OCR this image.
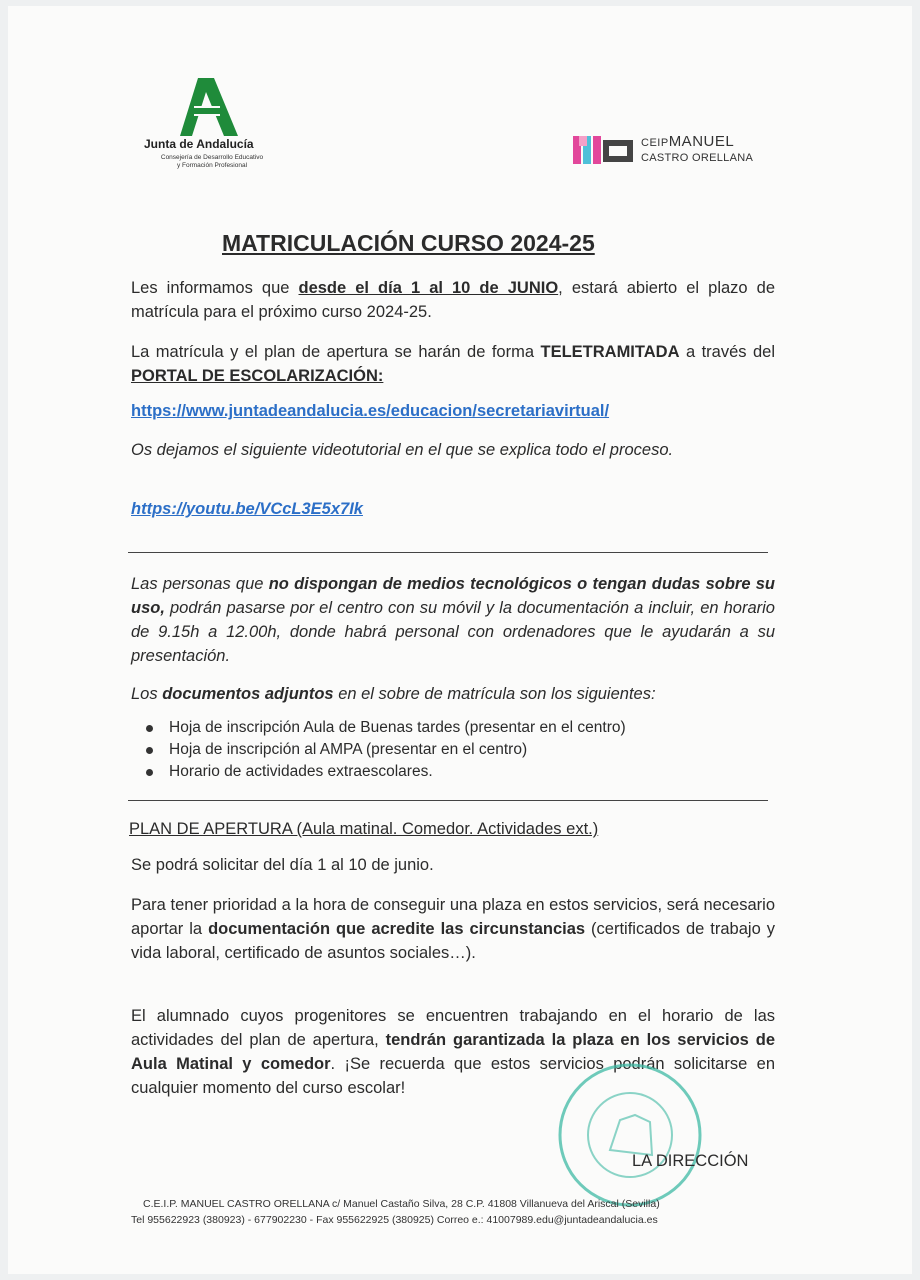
Junta de Andalucía
Consejería de Desarrollo Educativo
y Formación Profesional
CEIPMANUEL
CASTRO ORELLANA
MATRICULACIÓN CURSO 2024-25
Les informamos que desde el día 1 al 10 de JUNIO, estará abierto el plazo de matrícula para el próximo curso 2024-25.
La matrícula y el plan de apertura se harán de forma TELETRAMITADA a través del PORTAL DE ESCOLARIZACIÓN:
https://www.juntadeandalucia.es/educacion/secretariavirtual/
Os dejamos el siguiente videotutorial en el que se explica todo el proceso.
https://youtu.be/VCcL3E5x7Ik
Las personas que no dispongan de medios tecnológicos o tengan dudas sobre su uso, podrán pasarse por el centro con su móvil y la documentación a incluir, en horario de 9.15h a 12.00h, donde habrá personal con ordenadores que le ayudarán a su presentación.
Los documentos adjuntos en el sobre de matrícula son los siguientes:
Hoja de inscripción Aula de Buenas tardes (presentar en el centro)
Hoja de inscripción al AMPA (presentar en el centro)
Horario de actividades extraescolares.
PLAN DE APERTURA (Aula matinal. Comedor. Actividades ext.)
Se podrá solicitar del día 1 al 10 de junio.
Para tener prioridad a la hora de conseguir una plaza en estos servicios, será necesario aportar la documentación que acredite las circunstancias (certificados de trabajo y vida laboral, certificado de asuntos sociales…).
El alumnado cuyos progenitores se encuentren trabajando en el horario de las actividades del plan de apertura, tendrán garantizada la plaza en los servicios de Aula Matinal y comedor. ¡Se recuerda que estos servicios podrán solicitarse en cualquier momento del curso escolar!
LA DIRECCIÓN
C.E.I.P. MANUEL CASTRO ORELLANA c/ Manuel Castaño Silva, 28 C.P. 41808 Villanueva del Ariscal (Sevilla)
Tel 955622923 (380923) - 677902230 - Fax 955622925 (380925) Correo e.: 41007989.edu@juntadeandalucia.es
